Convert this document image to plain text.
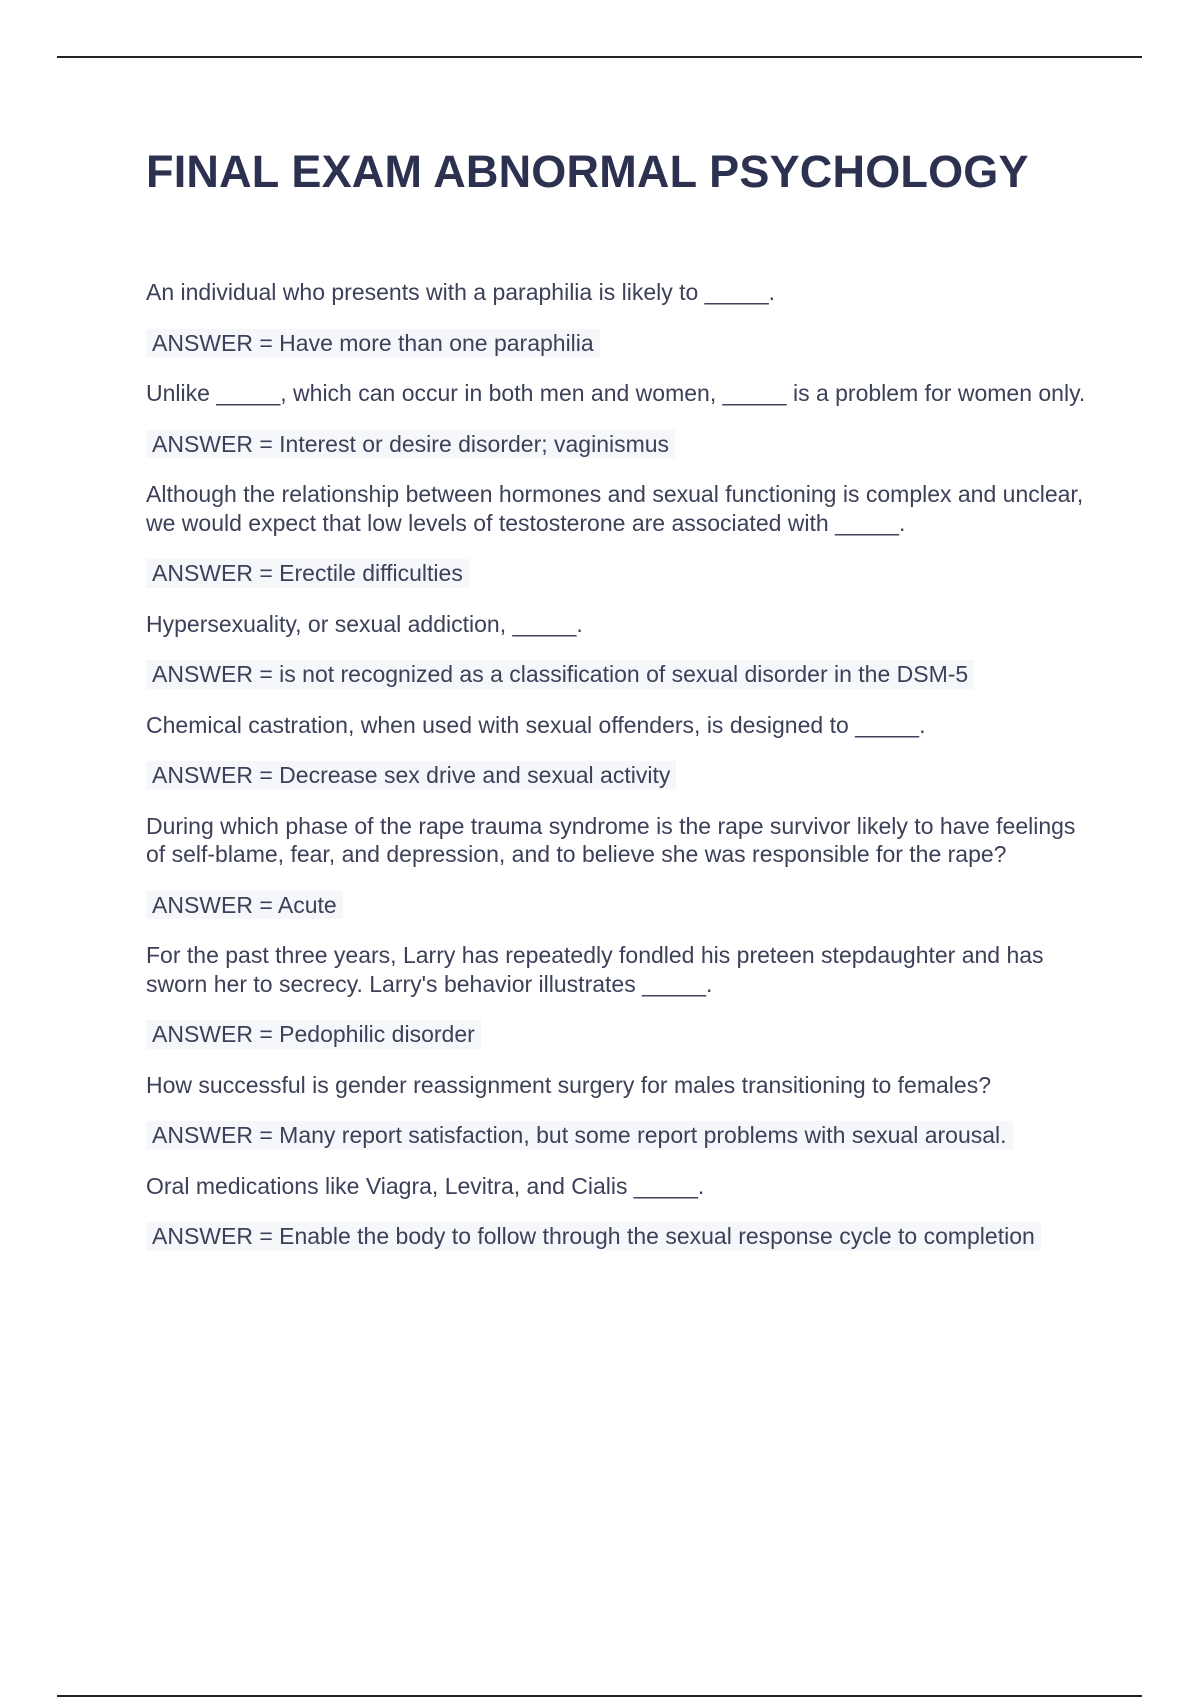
FINAL EXAM ABNORMAL PSYCHOLOGY
An individual who presents with a paraphilia is likely to _____.
ANSWER = Have more than one paraphilia
Unlike _____, which can occur in both men and women, _____ is a problem for women only.
ANSWER = Interest or desire disorder; vaginismus
Although the relationship between hormones and sexual functioning is complex and unclear, we would expect that low levels of testosterone are associated with _____.
ANSWER = Erectile difficulties
Hypersexuality, or sexual addiction, _____.
ANSWER = is not recognized as a classification of sexual disorder in the DSM-5
Chemical castration, when used with sexual offenders, is designed to _____.
ANSWER = Decrease sex drive and sexual activity
During which phase of the rape trauma syndrome is the rape survivor likely to have feelings of self-blame, fear, and depression, and to believe she was responsible for the rape?
ANSWER = Acute
For the past three years, Larry has repeatedly fondled his preteen stepdaughter and has sworn her to secrecy. Larry's behavior illustrates _____.
ANSWER = Pedophilic disorder
How successful is gender reassignment surgery for males transitioning to females?
ANSWER = Many report satisfaction, but some report problems with sexual arousal.
Oral medications like Viagra, Levitra, and Cialis _____.
ANSWER = Enable the body to follow through the sexual response cycle to completion
